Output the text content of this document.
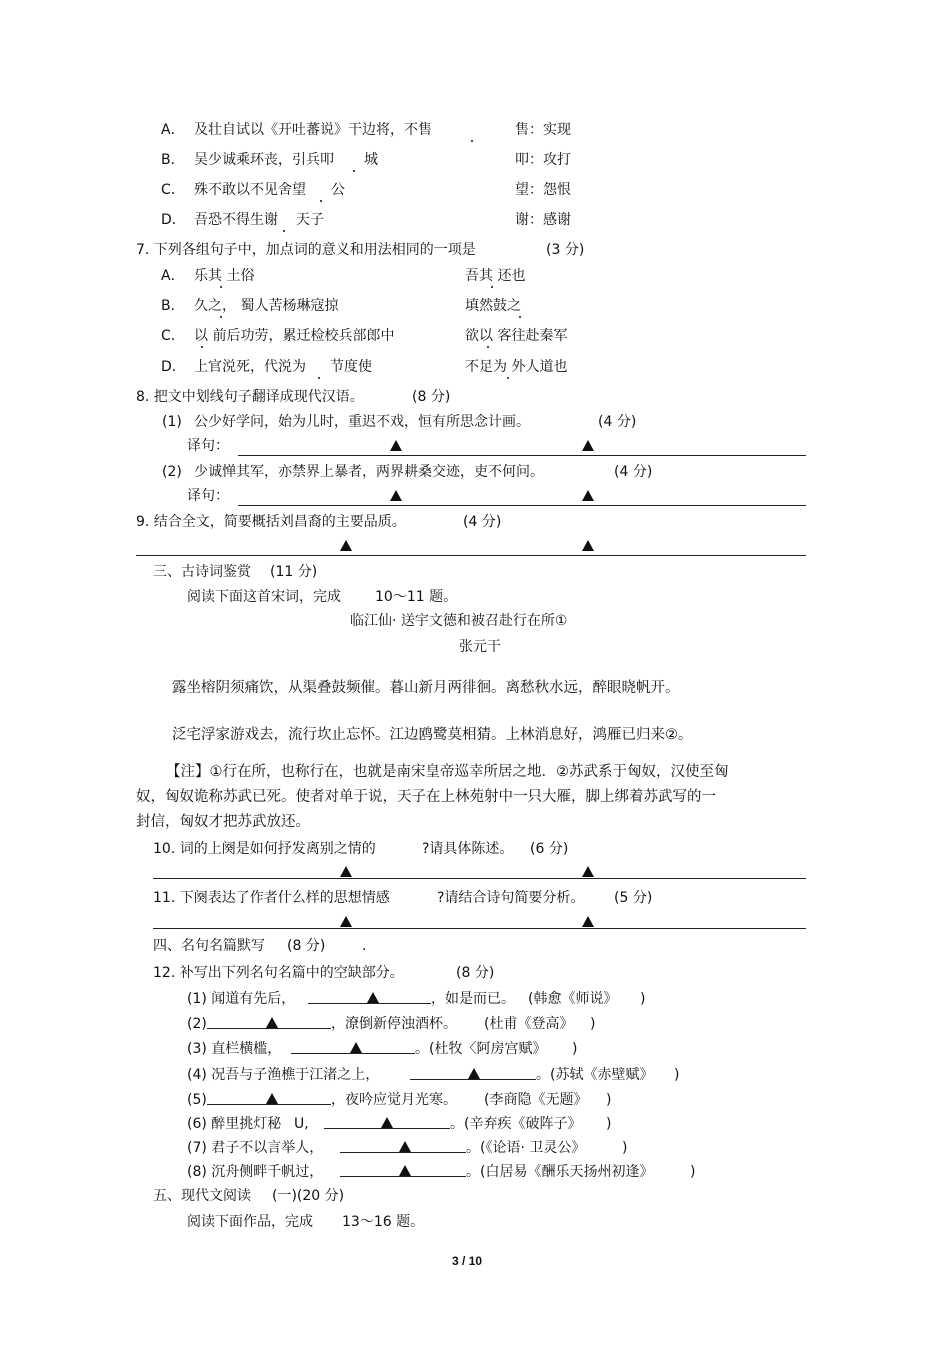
A． 及壮自试以《开吐蕃说》干边将，不售	售：实现
B． 吴少诚乘环丧，引兵叩 城	叩：攻打
C． 殊不敢以不见舍望 公	望：怨恨
D． 吾恐不得生谢 天子	谢：感谢
7. 下列各组句子中，加点词的意义和用法相同的一项是	(3 分)
A． 乐其 土俗	吾其 还也
B． 久之， 蜀人苦杨琳寇掠	填然鼓之
C． 以 前后功劳，累迁检校兵部郎中	欲以 客往赴秦军
D． 上官涚死，代涚为 节度使	不足为 外人道也
8. 把文中划线句子翻译成现代汉语。	(8 分)
(1) 公少好学问，始为儿时，重迟不戏，恒有所思念计画。	(4 分)
译句：
(2) 少诚惮其军，亦禁界上暴者，两界耕桑交迹，吏不何问。	(4 分)
译句：
9. 结合全文，简要概括刘昌裔的主要品质。	(4 分)
三、古诗词鉴赏 (11 分)
阅读下面这首宋词，完成 10～11 题。
临江仙· 送宇文德和被召赴行在所①
张元干
露坐榕阴须痛饮，从渠叠鼓频催。暮山新月两徘徊。离愁秋水远，醉眼晓帆开。
泛宅浮家游戏去，流行坎止忘怀。江边鸥鹭莫相猜。上林消息好，鸿雁已归来②。
【注】①行在所，也称行在，也就是南宋皇帝巡幸所居之地．②苏武系于匈奴，汉使至匈
奴，匈奴诡称苏武已死。使者对单于说，天子在上林苑射中一只大雁，脚上绑着苏武写的一
封信，匈奴才把苏武放还。
10. 词的上阕是如何抒发离别之情的	?请具体陈述。 (6 分)
11. 下阕表达了作者什么样的思想情感	?请结合诗句简要分析。 (5 分)
四、名句名篇默写 (8 分)	.
12. 补写出下列名句名篇中的空缺部分。	(8 分)
(1) 闻道有先后，	，如是而已。 (韩愈《师说》 )
(2)	，潦倒新停浊酒杯。 (杜甫《登高》 )
(3) 直栏横槛，	。(杜牧〈阿房宫赋》 )
(4) 况吾与子渔樵于江渚之上，	。(苏轼《赤壁赋》 )
(5)	，夜吟应觉月光寒。 (李商隐《无题》 )
(6) 醉里挑灯秘 U,	。(辛弃疾《破阵子》 )
(7) 君子不以言举人，	。(《论语· 卫灵公》	)
(8) 沉舟侧畔千帆过，	。(白居易《酬乐天扬州初逢》	)
五、现代文阅读 (一)(20 分)
阅读下面作品，完成 13～16 题。
3 / 10
